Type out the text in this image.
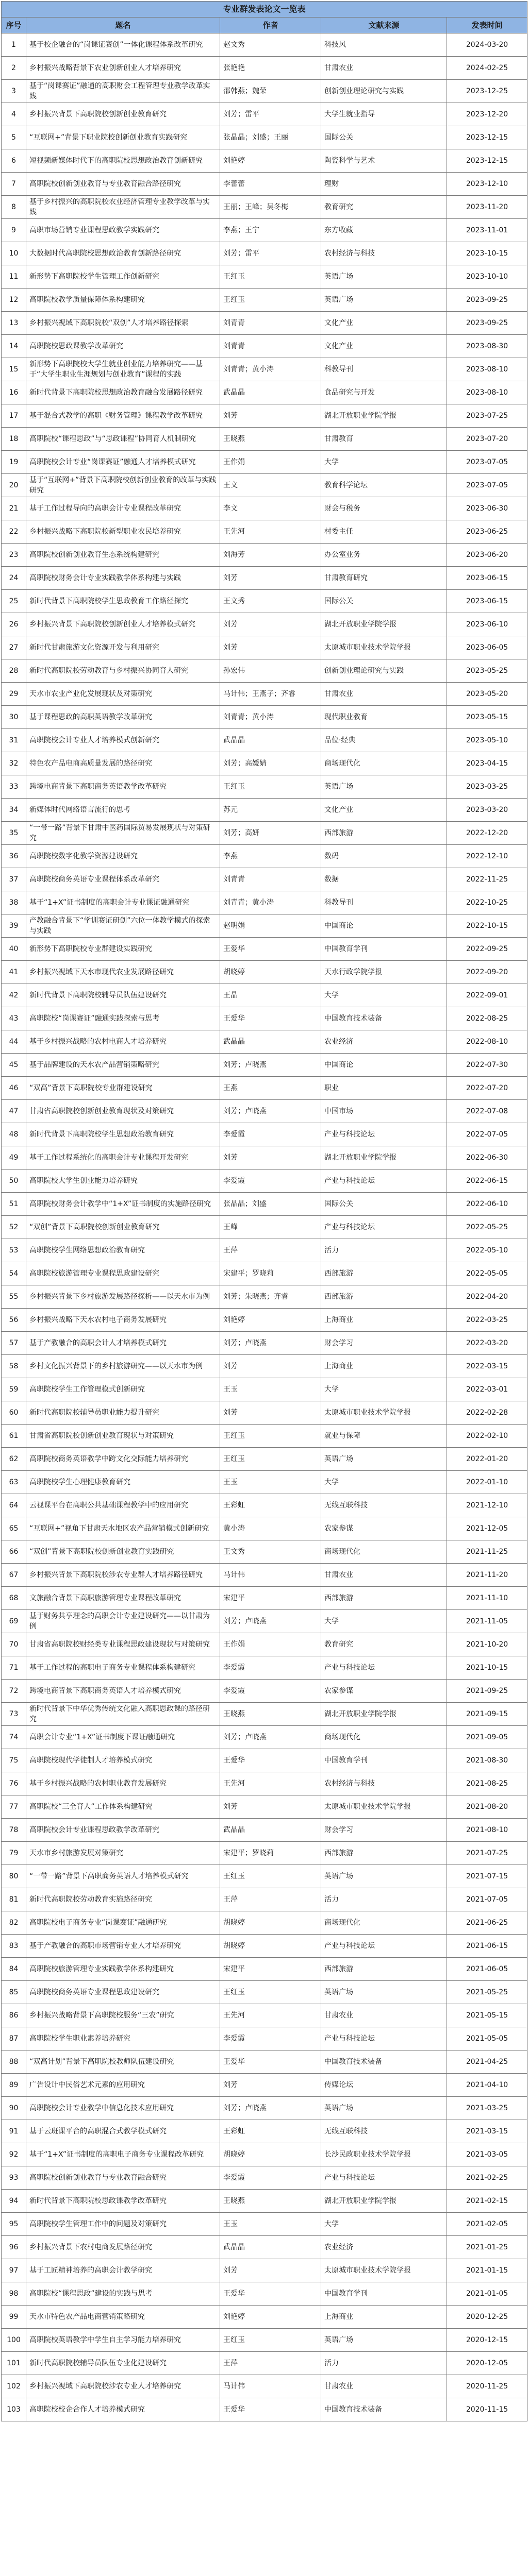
专业群发表论文一览表				
序号	题名	作者	文献来源	发表时间
1	基于校企融合的“岗课证赛创”一体化课程体系改革研究	赵文秀	科技风	2024-03-20
2	乡村振兴战略背景下农业创新创业人才培养研究	张艳艳	甘肃农业	2024-02-25
3	基于“岗课赛证”融通的高职财会工程管理专业教学改革实践	邵韩燕；魏荣	创新创业理论研究与实践	2023-12-25
4	乡村振兴背景下高职院校创新创业教育研究	刘芳；雷平	大学生就业指导	2023-12-20
5	“互联网+”背景下职业院校创新创业教育实践研究	张晶晶；刘盛；王丽	国际公关	2023-12-15
6	短视频新媒体时代下的高职院校思想政治教育创新研究	刘艳婷	陶瓷科学与艺术	2023-12-15
7	高职院校创新创业教育与专业教育融合路径研究	李蕾蕾	理财	2023-12-10
8	基于乡村振兴的高职院校农业经济管理专业教学改革与实践	王丽；王峰；吴冬梅	教育研究	2023-11-20
9	高职市场营销专业课程思政教学实践研究	李燕；王宁	东方收藏	2023-11-01
10	大数据时代高职院校思想政治教育创新路径研究	刘芳；雷平	农村经济与科技	2023-10-15
11	新形势下高职院校学生管理工作创新研究	王红玉	英语广场	2023-10-10
12	高职院校教学质量保障体系构建研究	王红玉	英语广场	2023-09-25
13	乡村振兴视域下高职院校“双创”人才培养路径探索	刘青青	文化产业	2023-09-25
14	高职院校思政课教学改革研究	刘青青	文化产业	2023-08-30
15	新形势下高职院校大学生就业创业能力培养研究——基于“大学生职业生涯规划与创业教育”课程的实践	刘青青；黄小涛	科教导刊	2023-08-10
16	新时代背景下高职院校思想政治教育融合发展路径研究	武晶晶	食品研究与开发	2023-08-10
17	基于混合式教学的高职《财务管理》课程教学改革研究	刘芳	湖北开放职业学院学报	2023-07-25
18	高职院校“课程思政”与“思政课程”协同育人机制研究	王晓燕	甘肃教育	2023-07-20
19	高职院校会计专业“岗课赛证”融通人才培养模式研究	王作娟	大学	2023-07-05
20	基于“互联网+”背景下高职院校创新创业教育的改革与实践研究	王文	教育科学论坛	2023-07-05
21	基于工作过程导向的高职会计专业课程改革研究	李文	财会与税务	2023-06-30
22	乡村振兴战略下高职院校新型职业农民培养研究	王先河	村委主任	2023-06-25
23	高职院校创新创业教育生态系统构建研究	刘海芳	办公室业务	2023-06-20
24	高职院校财务会计专业实践教学体系构建与实践	刘芳	甘肃教育研究	2023-06-15
25	新时代背景下高职院校学生思政教育工作路径探究	王文秀	国际公关	2023-06-15
26	乡村振兴背景下高职院校创新创业人才培养模式研究	刘芳	湖北开放职业学院学报	2023-06-10
27	新时代甘肃旅游文化资源开发与利用研究	刘芳	太原城市职业技术学院学报	2023-06-05
28	新时代高职院校劳动教育与乡村振兴协同育人研究	孙宏伟	创新创业理论研究与实践	2023-05-25
29	天水市农业产业化发展现状及对策研究	马计伟；王燕子；齐睿	甘肃农业	2023-05-20
30	基于课程思政的高职英语教学改革研究	刘青青；黄小涛	现代职业教育	2023-05-15
31	高职院校会计专业人才培养模式创新研究	武晶晶	品位·经典	2023-05-10
32	特色农产品电商高质量发展的路径研究	刘芳；高媛婧	商场现代化	2023-04-15
33	跨境电商背景下高职商务英语教学改革研究	王红玉	英语广场	2023-03-25
34	新媒体时代网络语言流行的思考	苏元	文化产业	2023-03-20
35	“一带一路”背景下甘肃中医药国际贸易发展现状与对策研究	刘芳；高妍	西部旅游	2022-12-20
36	高职院校数字化教学资源建设研究	李燕	数码	2022-12-10
37	高职院校商务英语专业课程体系改革研究	刘青青	数据	2022-11-25
38	基于“1+X”证书制度的高职会计专业课证融通研究	刘青青；黄小涛	科教导刊	2022-10-25
39	产教融合背景下“学训赛证研创”六位一体教学模式的探索与实践	赵明娟	中国商论	2022-10-15
40	新形势下高职院校专业群建设实践研究	王爱华	中国教育学刊	2022-09-25
41	乡村振兴视域下天水市现代农业发展路径研究	胡晓婷	天水行政学院学报	2022-09-20
42	新时代背景下高职院校辅导员队伍建设研究	王晶	大学	2022-09-01
43	高职院校“岗课赛证”融通实践探索与思考	王爱华	中国教育技术装备	2022-08-25
44	基于乡村振兴战略的农村电商人才培养研究	武晶晶	农业经济	2022-08-10
45	基于品牌建设的天水农产品营销策略研究	刘芳；卢晓燕	中国商论	2022-07-30
46	“双高”背景下高职院校专业群建设研究	王燕	职业	2022-07-20
47	甘肃省高职院校创新创业教育现状及对策研究	刘芳；卢晓燕	中国市场	2022-07-08
48	新时代背景下高职院校学生思想政治教育研究	李爱霞	产业与科技论坛	2022-07-05
49	基于工作过程系统化的高职会计专业课程开发研究	刘芳	湖北开放职业学院学报	2022-06-30
50	高职院校大学生创业能力培养研究	李爱霞	产业与科技论坛	2022-06-15
51	高职院校财务会计教学中“1+X”证书制度的实施路径研究	张晶晶；刘盛	国际公关	2022-06-10
52	“双创”背景下高职院校创新创业教育研究	王峰	产业与科技论坛	2022-05-25
53	高职院校学生网络思想政治教育研究	王萍	活力	2022-05-10
54	高职院校旅游管理专业课程思政建设研究	宋建平；罗晓莉	西部旅游	2022-05-05
55	乡村振兴背景下乡村旅游发展路径探析——以天水市为例	刘芳；朱晓燕；齐睿	西部旅游	2022-04-20
56	乡村振兴战略下天水农村电子商务发展研究	刘艳婷	上海商业	2022-03-25
57	基于产教融合的高职会计人才培养模式研究	刘芳；卢晓燕	财会学习	2022-03-20
58	乡村文化振兴背景下的乡村旅游研究——以天水市为例	刘芳	上海商业	2022-03-15
59	高职院校学生工作管理模式创新研究	王玉	大学	2022-03-01
60	新时代高职院校辅导员职业能力提升研究	刘芳	太原城市职业技术学院学报	2022-02-28
61	甘肃省高职院校创新创业教育现状与对策研究	王红玉	就业与保障	2022-02-10
62	高职院校商务英语教学中跨文化交际能力培养研究	王红玉	英语广场	2022-01-20
63	高职院校学生心理健康教育研究	王玉	大学	2022-01-10
64	云视课平台在高职公共基础课程教学中的应用研究	王彩虹	无线互联科技	2021-12-10
65	“互联网+”视角下甘肃天水地区农产品营销模式创新研究	黄小涛	农家参谋	2021-12-05
66	“双创”背景下高职院校创新创业教育实践研究	王文秀	商场现代化	2021-11-25
67	乡村振兴背景下高职院校涉农专业群人才培养路径研究	马计伟	甘肃农业	2021-11-20
68	文旅融合背景下高职旅游管理专业课程改革研究	宋建平	西部旅游	2021-11-10
69	基于财务共享理念的高职会计专业建设研究——以甘肃为例	刘芳；卢晓燕	大学	2021-11-05
70	甘肃省高职院校财经类专业课程思政建设现状与对策研究	王作娟	教育研究	2021-10-20
71	基于工作过程的高职电子商务专业课程体系构建研究	李爱霞	产业与科技论坛	2021-10-15
72	跨境电商背景下高职商务英语人才培养模式研究	李爱霞	农家参谋	2021-09-25
73	新时代背景下中华优秀传统文化融入高职思政课的路径研究	王晓燕	湖北开放职业学院学报	2021-09-15
74	高职会计专业“1+X”证书制度下课证融通研究	刘芳；卢晓燕	商场现代化	2021-09-05
75	高职院校现代学徒制人才培养模式研究	王爱华	中国教育学刊	2021-08-30
76	基于乡村振兴战略的农村职业教育发展研究	王先河	农村经济与科技	2021-08-25
77	高职院校“三全育人”工作体系构建研究	刘芳	太原城市职业技术学院学报	2021-08-20
78	高职院校会计专业课程思政教学改革研究	武晶晶	财会学习	2021-08-10
79	天水市乡村旅游发展对策研究	宋建平；罗晓莉	西部旅游	2021-07-25
80	“一带一路”背景下高职商务英语人才培养模式研究	王红玉	英语广场	2021-07-15
81	新时代高职院校劳动教育实施路径研究	王萍	活力	2021-07-05
82	高职院校电子商务专业“岗课赛证”融通研究	胡晓婷	商场现代化	2021-06-25
83	基于产教融合的高职市场营销专业人才培养研究	胡晓婷	产业与科技论坛	2021-06-15
84	高职院校旅游管理专业实践教学体系构建研究	宋建平	西部旅游	2021-06-05
85	高职院校商务英语专业课程思政建设研究	王红玉	英语广场	2021-05-25
86	乡村振兴战略背景下高职院校服务“三农”研究	王先河	甘肃农业	2021-05-15
87	高职院校学生职业素养培养研究	李爱霞	产业与科技论坛	2021-05-05
88	“双高计划”背景下高职院校教师队伍建设研究	王爱华	中国教育技术装备	2021-04-25
89	广告设计中民俗艺术元素的应用研究	刘芳	传媒论坛	2021-04-10
90	高职院校会计专业教学中信息化技术应用研究	刘芳；卢晓燕	英语广场	2021-03-25
91	基于云班课平台的高职混合式教学模式研究	王彩虹	无线互联科技	2021-03-15
92	基于“1+X”证书制度的高职电子商务专业课程改革研究	胡晓婷	长沙民政职业技术学院学报	2021-03-05
93	高职院校创新创业教育与专业教育融合研究	李爱霞	产业与科技论坛	2021-02-25
94	新时代背景下高职院校思政课教学改革研究	王晓燕	湖北开放职业学院学报	2021-02-15
95	高职院校学生管理工作中的问题及对策研究	王玉	大学	2021-02-05
96	乡村振兴背景下农村电商发展路径研究	武晶晶	农业经济	2021-01-25
97	基于工匠精神培养的高职会计教学研究	刘芳	太原城市职业技术学院学报	2021-01-15
98	高职院校“课程思政”建设的实践与思考	王爱华	中国教育学刊	2021-01-05
99	天水市特色农产品电商营销策略研究	刘艳婷	上海商业	2020-12-25
100	高职院校英语教学中学生自主学习能力培养研究	王红玉	英语广场	2020-12-15
101	新时代高职院校辅导员队伍专业化建设研究	王萍	活力	2020-12-05
102	乡村振兴视域下高职院校涉农专业人才培养研究	马计伟	甘肃农业	2020-11-25
103	高职院校校企合作人才培养模式研究	王爱华	中国教育技术装备	2020-11-15
